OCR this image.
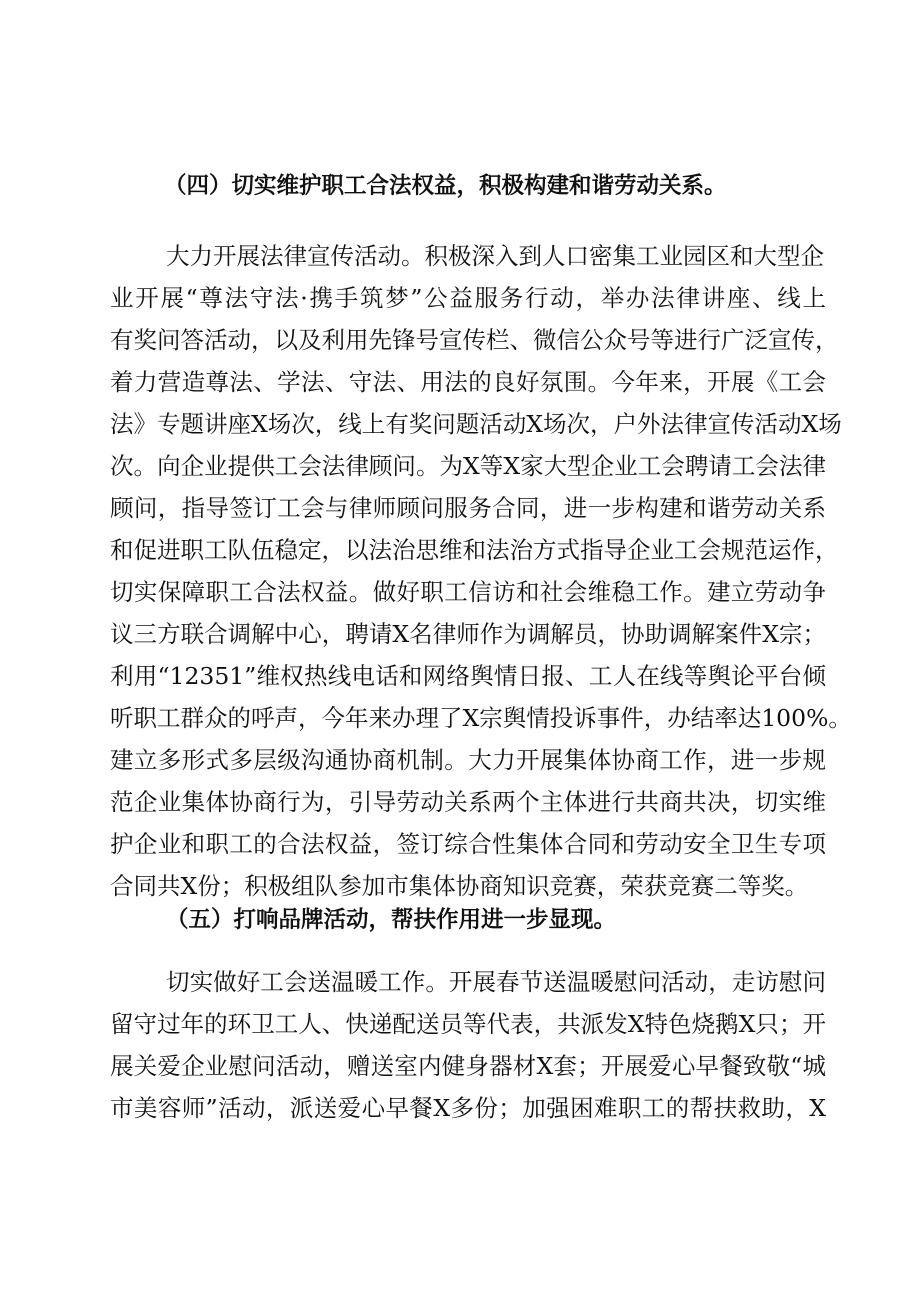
（四）切实维护职工合法权益，积极构建和谐劳动关系。
大力开展法律宣传活动。积极深入到人口密集工业园区和大型企
业开展“尊法守法·携手筑梦”公益服务行动，举办法律讲座、线上
有奖问答活动，以及利用先锋号宣传栏、微信公众号等进行广泛宣传，
着力营造尊法、学法、守法、用法的良好氛围。今年来，开展《工会
法》专题讲座X场次，线上有奖问题活动X场次，户外法律宣传活动X场
次。向企业提供工会法律顾问。为X等X家大型企业工会聘请工会法律
顾问，指导签订工会与律师顾问服务合同，进一步构建和谐劳动关系
和促进职工队伍稳定，以法治思维和法治方式指导企业工会规范运作，
切实保障职工合法权益。做好职工信访和社会维稳工作。建立劳动争
议三方联合调解中心，聘请X名律师作为调解员，协助调解案件X宗；
利用“12351”维权热线电话和网络舆情日报、工人在线等舆论平台倾
听职工群众的呼声，今年来办理了X宗舆情投诉事件，办结率达100%。
建立多形式多层级沟通协商机制。大力开展集体协商工作，进一步规
范企业集体协商行为，引导劳动关系两个主体进行共商共决，切实维
护企业和职工的合法权益，签订综合性集体合同和劳动安全卫生专项
合同共X份；积极组队参加市集体协商知识竞赛，荣获竞赛二等奖。
（五）打响品牌活动，帮扶作用进一步显现。
切实做好工会送温暖工作。开展春节送温暖慰问活动，走访慰问
留守过年的环卫工人、快递配送员等代表，共派发X特色烧鹅X只；开
展关爱企业慰问活动，赠送室内健身器材X套；开展爱心早餐致敬“城
市美容师”活动，派送爱心早餐X多份；加强困难职工的帮扶救助，X
